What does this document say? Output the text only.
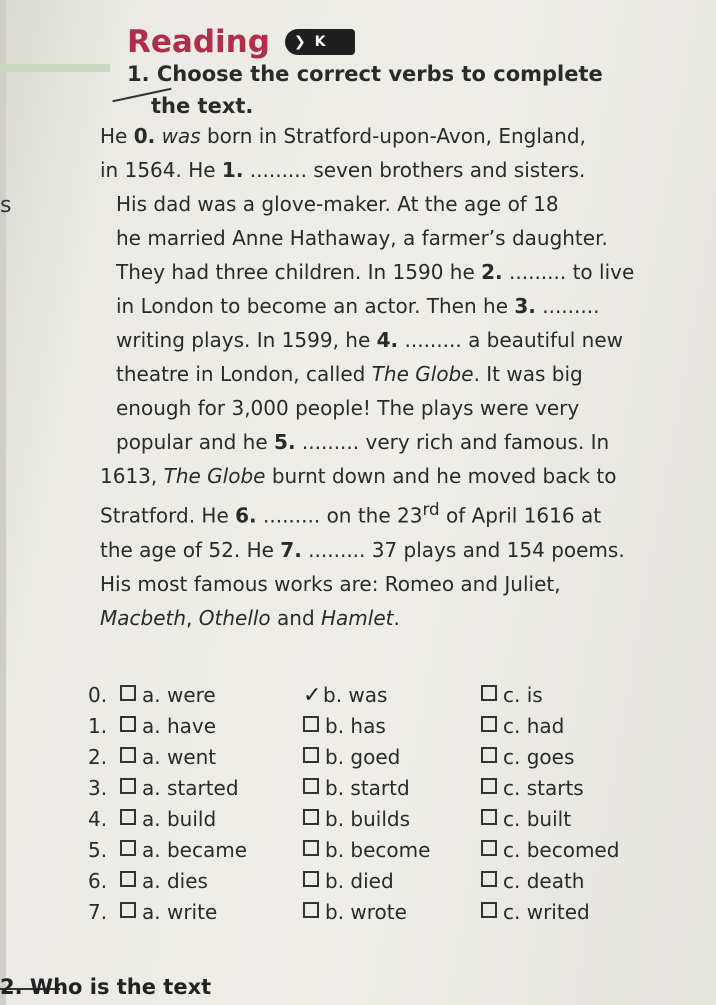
s
Reading ❯ K
1. Choose the correct verbs to complete
the text.
He 0. was born in Stratford-upon-Avon, England,
in 1564. He 1. ......... seven brothers and sisters.
His dad was a glove-maker. At the age of 18
he married Anne Hathaway, a farmer’s daughter.
They had three children. In 1590 he 2. ......... to live
in London to become an actor. Then he 3. .........
writing plays. In 1599, he 4. ......... a beautiful new
theatre in London, called The Globe. It was big
enough for 3,000 people! The plays were very
popular and he 5. ......... very rich and famous. In
1613, The Globe burnt down and he moved back to
Stratford. He 6. ......... on the 23rd of April 1616 at
the age of 52. He 7. ......... 37 plays and 154 poems.
His most famous works are: Romeo and Juliet,
Macbeth, Othello and Hamlet.
0.	a. were	✓b. was	c. is
1.	a. have	b. has	c. had
2.	a. went	b. goed	c. goes
3.	a. started	b. startd	c. starts
4.	a. build	b. builds	c. built
5.	a. became	b. become	c. becomed
6.	a. dies	b. died	c. death
7.	a. write	b. wrote	c. writed
2. Who is the text
